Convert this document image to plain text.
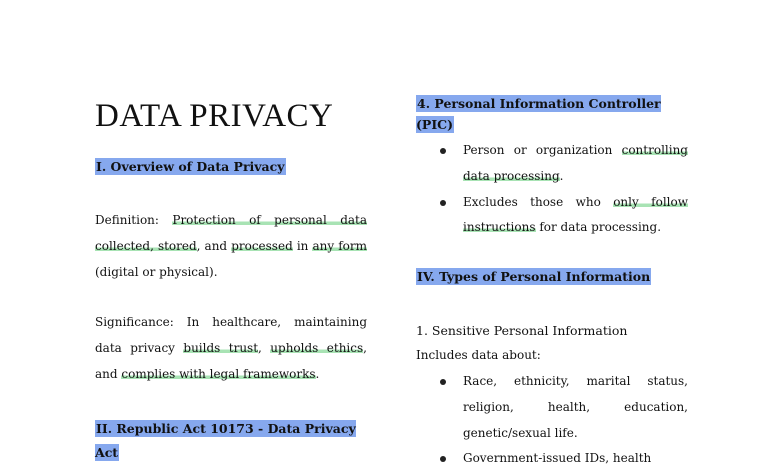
DATA PRIVACY
I. Overview of Data Privacy

Definition: Protection of personal data collected, stored, and processed in any form (digital or physical).

Significance: In healthcare, maintaining data privacy builds trust, upholds ethics, and complies with legal frameworks.

II. Republic Act 10173 - Data Privacy Act
4. Personal Information Controller (PIC)
Person or organization controlling data processing.
Excludes those who only follow instructions for data processing.
IV. Types of Personal Information

1. Sensitive Personal Information

Includes data about:

Race, ethnicity, marital status, religion, health, education, genetic/sexual life.
Government-issued IDs, health
